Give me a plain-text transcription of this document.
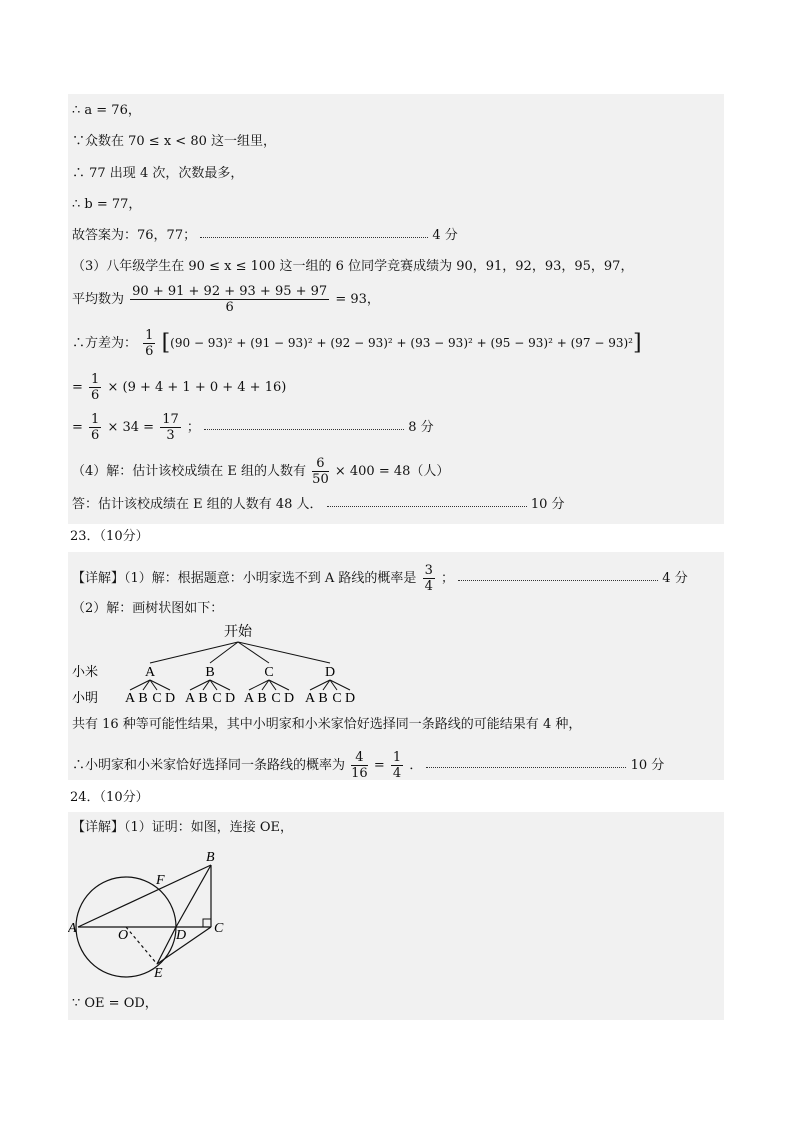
∴ a = 76，
∵众数在 70 ≤ x < 80 这一组里，
∴ 77 出现 4 次，次数最多，
∴ b = 77，
故答案为：76，77；	4 分
（3）八年级学生在 90 ≤ x ≤ 100 这一组的 6 位同学竞赛成绩为 90，91，92，93，95，97，
平均数为 $\frac{90 + 91 + 92 + 93 + 95 + 97}{6} = 93$，
∴方差为： $\frac{1}{6} [(90 - 93)^2 + (91 - 93)^2 + (92 - 93)^2 + (93 - 93)^2 + (95 - 93)^2 + (97 - 93)^2]$
= $\frac{1}{6} \times (9 + 4 + 1 + 0 + 4 + 16)$
= $\frac{1}{6} \times 34 = \frac{17}{3}$ ；	8 分
（4）解：估计该校成绩在 E 组的人数有 $\frac{6}{50} \times 400 = 48$（人）
答：估计该校成绩在 E 组的人数有 48 人．	10 分
23．（10分）
【详解】（1）解：根据题意：小明家选不到 A 路线的概率是 $\frac{3}{4}$ ；	4 分
（2）解：画树状图如下：
开始
小米
小明
A	B	C	D
A B C D A B C D A B C D A B C D
共有 16 种等可能性结果，其中小明家和小米家恰好选择同一条路线的可能结果有 4 种，
∴小明家和小米家恰好选择同一条路线的概率为 $\frac{4}{16} = \frac{1}{4}$ ．	10 分
24．（10分）
【详解】（1）证明：如图，连接 OE，
B
F
A	O	D C
E
∵ OE = OD，
